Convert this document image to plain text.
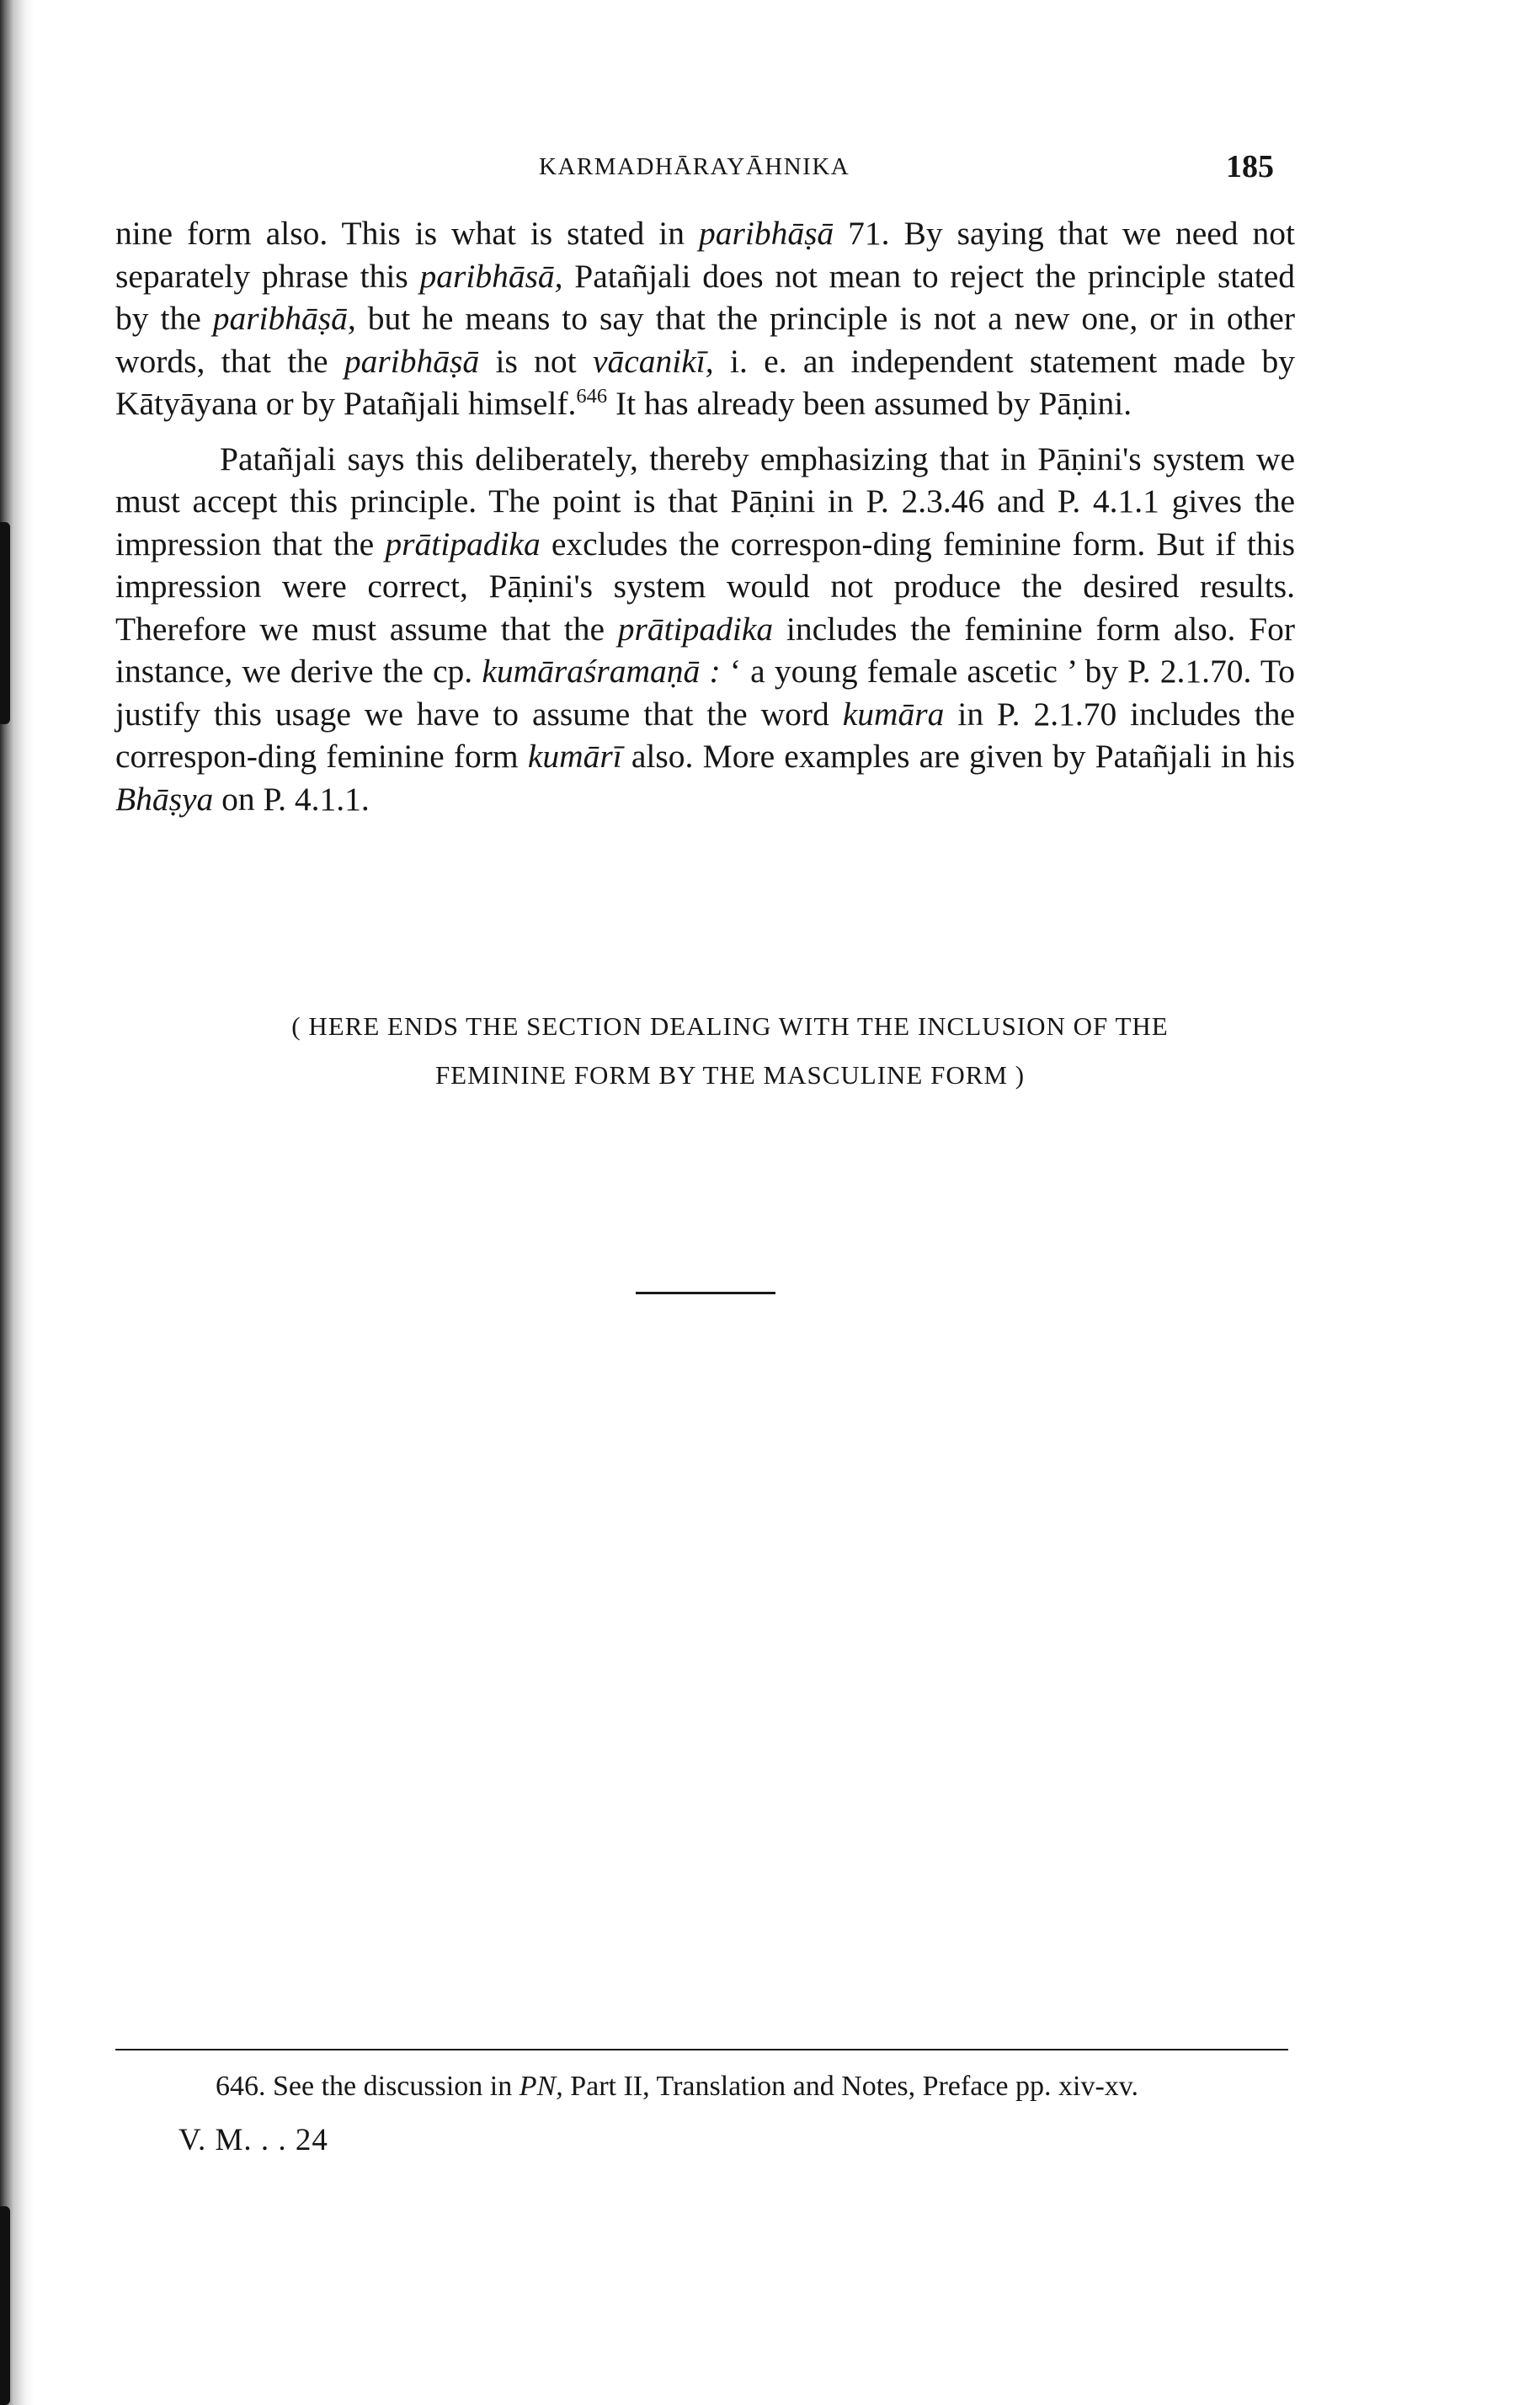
KARMADHĀRAYĀHNIKA	185

nine form also. This is what is stated in paribhāṣā 71. By saying that we need not separately phrase this paribhāsā, Patañjali does not mean to reject the principle stated by the paribhāṣā, but he means to say that the principle is not a new one, or in other words, that the paribhāṣā is not vācanikī, i. e. an independent statement made by Kātyāyana or by Patañjali himself.$^{646}$ It has already been assumed by Pāṇini.

Patañjali says this deliberately, thereby emphasizing that in Pāṇini's system we must accept this principle. The point is that Pāṇini in P. 2.3.46 and P. 4.1.1 gives the impression that the prātipadika excludes the correspon-ding feminine form. But if this impression were correct, Pāṇini's system would not produce the desired results. Therefore we must assume that the prātipadika includes the feminine form also. For instance, we derive the cp. kumāraśramaṇā : ‘ a young female ascetic ’ by P. 2.1.70. To justify this usage we have to assume that the word kumāra in P. 2.1.70 includes the correspon-ding feminine form kumārī also. More examples are given by Patañjali in his Bhāṣya on P. 4.1.1.

( HERE ENDS THE SECTION DEALING WITH THE INCLUSION OF THE
FEMININE FORM BY THE MASCULINE FORM )
646. See the discussion in PN, Part II, Translation and Notes, Preface pp. xiv-xv.
V. M. . . 24
